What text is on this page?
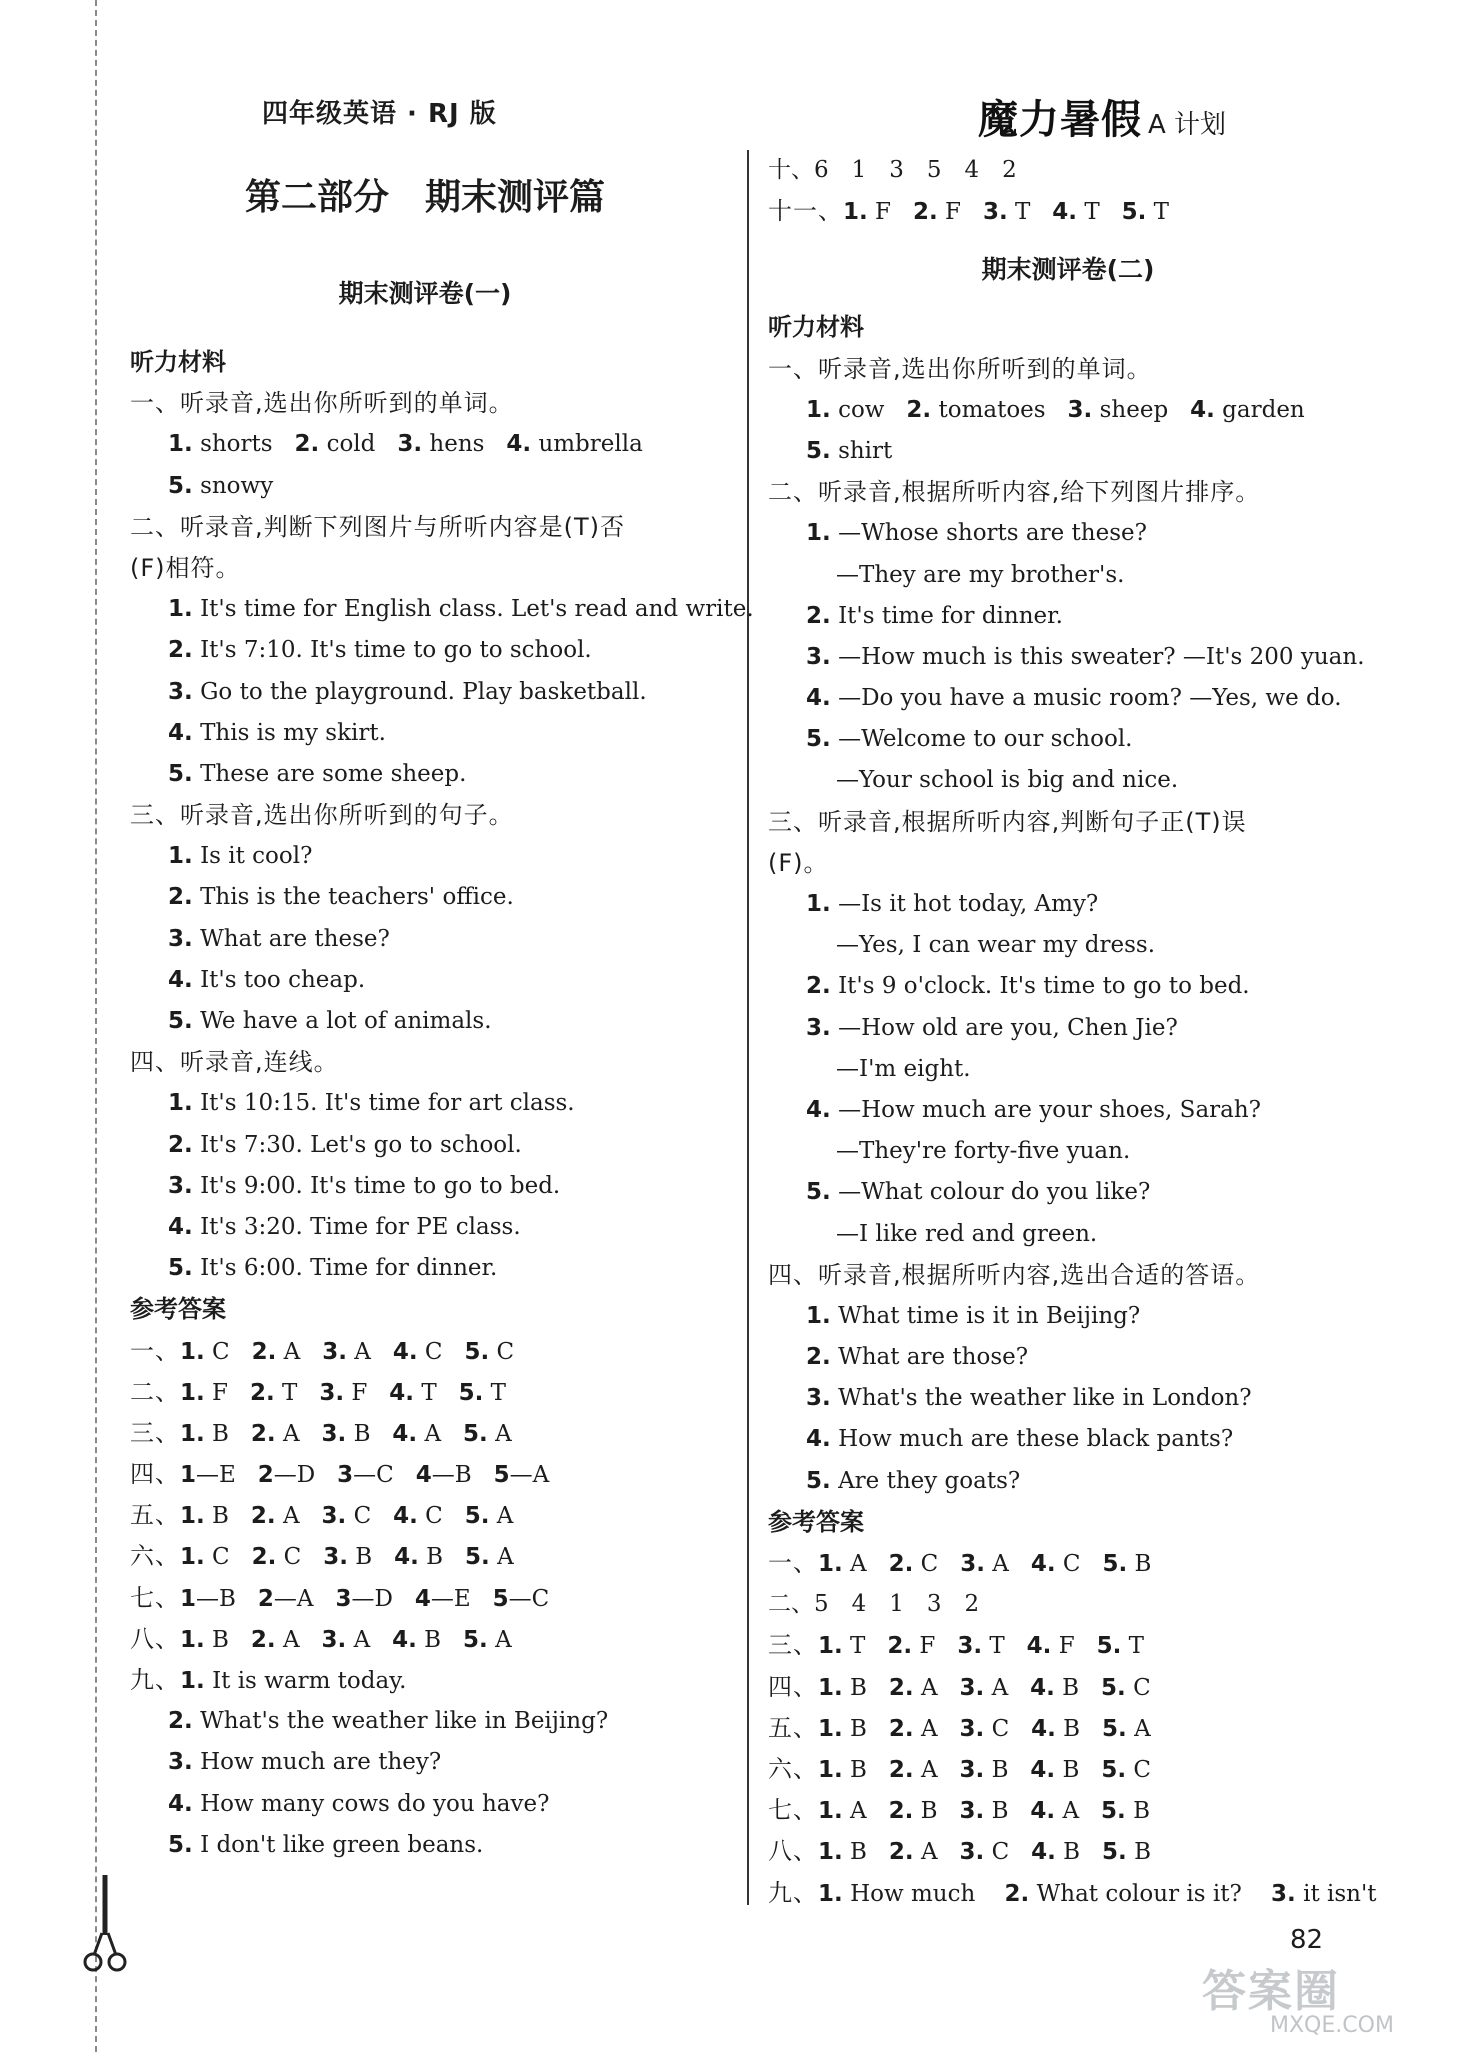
四年级英语 · RJ 版	魔力暑假 A 计划
第二部分　期末测评篇
期末测评卷(一)
听力材料
一、听录音,选出你所听到的单词。
1. shorts 2. cold 3. hens 4. umbrella
5. snowy
二、听录音,判断下列图片与所听内容是(T)否
(F)相符。
1. It's time for English class. Let's read and write.
2. It's 7:10. It's time to go to school.
3. Go to the playground. Play basketball.
4. This is my skirt.
5. These are some sheep.
三、听录音,选出你所听到的句子。
1. Is it cool?
2. This is the teachers' office.
3. What are these?
4. It's too cheap.
5. We have a lot of animals.
四、听录音,连线。
1. It's 10:15. It's time for art class.
2. It's 7:30. Let's go to school.
3. It's 9:00. It's time to go to bed.
4. It's 3:20. Time for PE class.
5. It's 6:00. Time for dinner.
参考答案
一、1. C 2. A 3. A 4. C 5. C
二、1. F 2. T 3. F 4. T 5. T
三、1. B 2. A 3. B 4. A 5. A
四、1—E 2—D 3—C 4—B 5—A
五、1. B 2. A 3. C 4. C 5. A
六、1. C 2. C 3. B 4. B 5. A
七、1—B 2—A 3—D 4—E 5—C
八、1. B 2. A 3. A 4. B 5. A
九、1. It is warm today.
2. What's the weather like in Beijing?
3. How much are they?
4. How many cows do you have?
5. I don't like green beans.
十、6　1　3　5　4　2
十一、1. F 2. F 3. T 4. T 5. T
期末测评卷(二)
听力材料
一、听录音,选出你所听到的单词。
1. cow 2. tomatoes 3. sheep 4. garden
5. shirt
二、听录音,根据所听内容,给下列图片排序。
1. —Whose shorts are these?
—They are my brother's.
2. It's time for dinner.
3. —How much is this sweater? —It's 200 yuan.
4. —Do you have a music room? —Yes, we do.
5. —Welcome to our school.
—Your school is big and nice.
三、听录音,根据所听内容,判断句子正(T)误
(F)。
1. —Is it hot today, Amy?
—Yes, I can wear my dress.
2. It's 9 o'clock. It's time to go to bed.
3. —How old are you, Chen Jie?
—I'm eight.
4. —How much are your shoes, Sarah?
—They're forty-five yuan.
5. —What colour do you like?
—I like red and green.
四、听录音,根据所听内容,选出合适的答语。
1. What time is it in Beijing?
2. What are those?
3. What's the weather like in London?
4. How much are these black pants?
5. Are they goats?
参考答案
一、1. A 2. C 3. A 4. C 5. B
二、5　4　1　3　2
三、1. T 2. F 3. T 4. F 5. T
四、1. B 2. A 3. A 4. B 5. C
五、1. B 2. A 3. C 4. B 5. A
六、1. B 2. A 3. B 4. B 5. C
七、1. A 2. B 3. B 4. A 5. B
八、1. B 2. A 3. C 4. B 5. B
九、1. How much 2. What colour is it? 3. it isn't
82
答案圈
MXQE.COM
